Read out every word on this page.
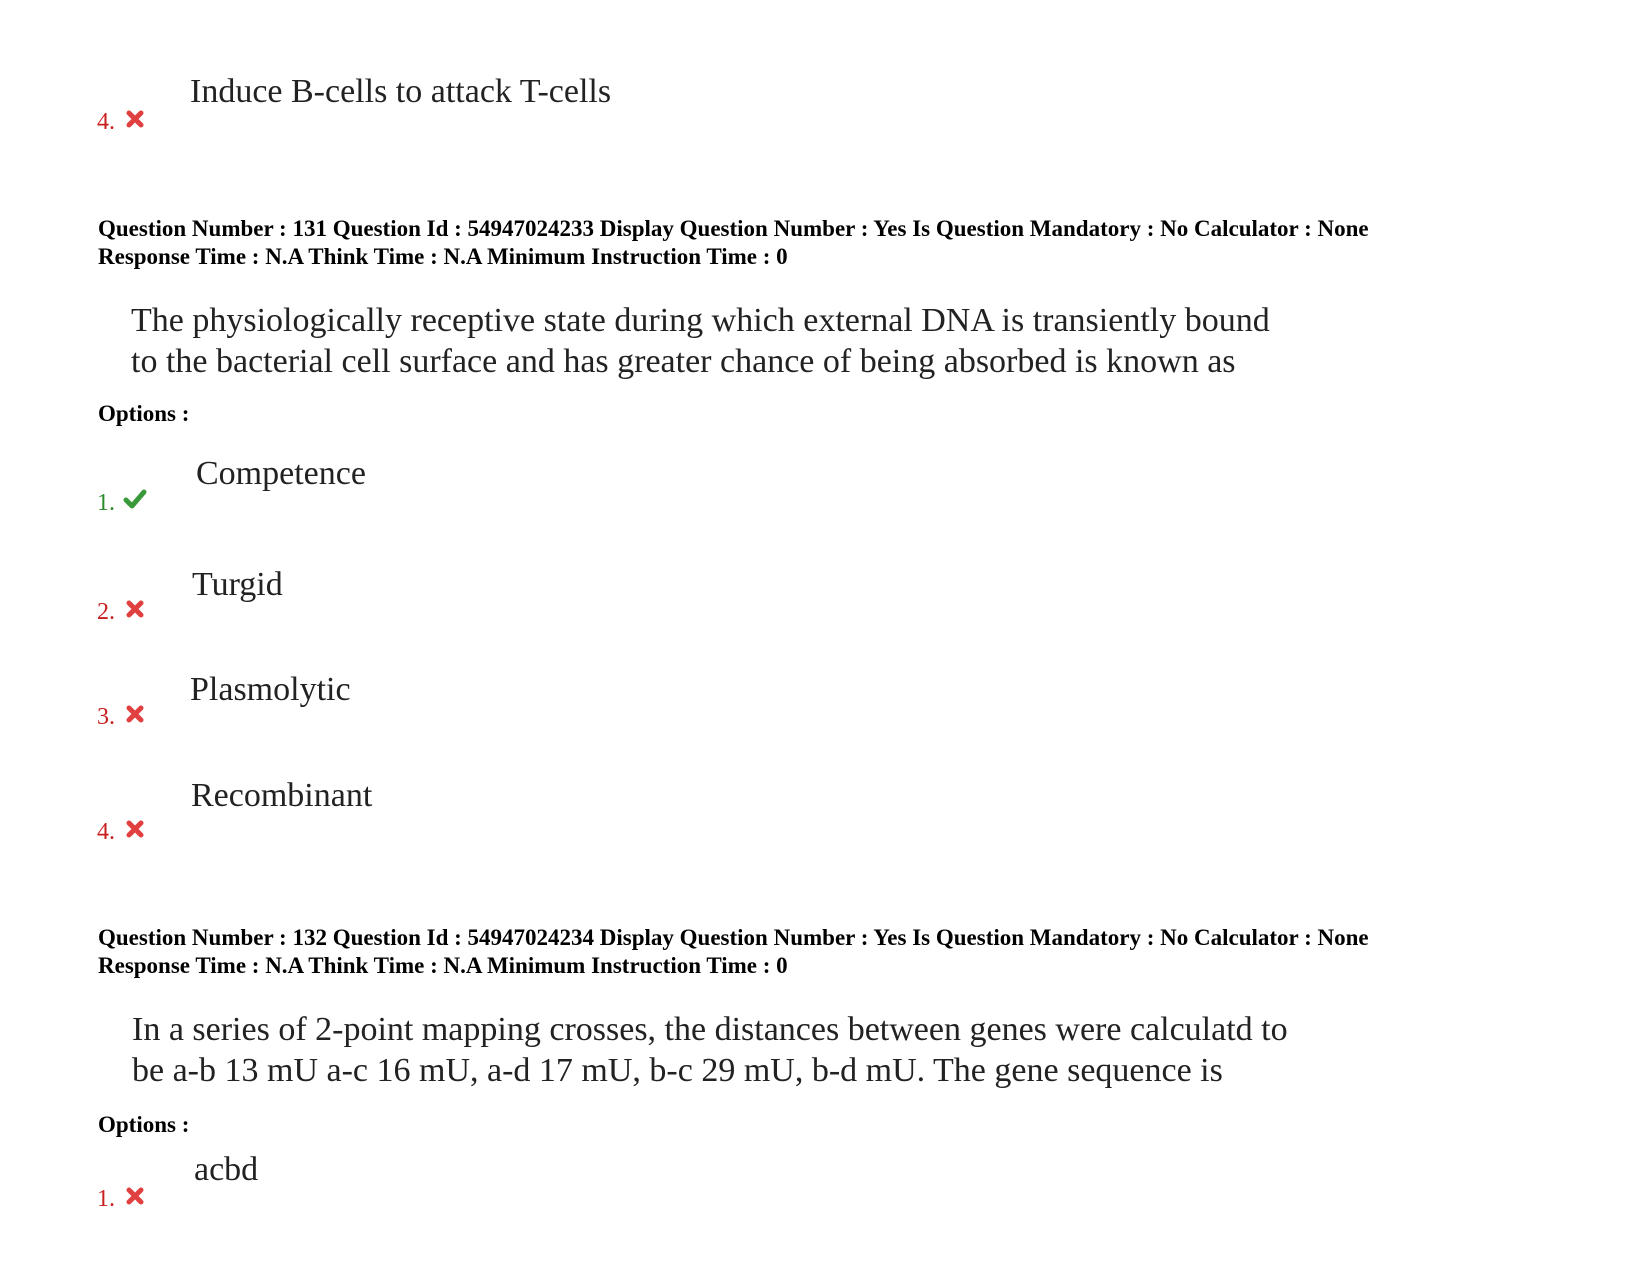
4.
Induce B-cells to attack T-cells
Question Number : 131 Question Id : 54947024233 Display Question Number : Yes Is Question Mandatory : No Calculator : None
Response Time : N.A Think Time : N.A Minimum Instruction Time : 0
The physiologically receptive state during which external DNA is transiently bound
to the bacterial cell surface and has greater chance of being absorbed is known as
Options :
1.
Competence
2.
Turgid
3.
Plasmolytic
4.
Recombinant
Question Number : 132 Question Id : 54947024234 Display Question Number : Yes Is Question Mandatory : No Calculator : None
Response Time : N.A Think Time : N.A Minimum Instruction Time : 0
In a series of 2-point mapping crosses, the distances between genes were calculatd to
be a-b 13 mU a-c 16 mU, a-d 17 mU, b-c 29 mU, b-d mU. The gene sequence is
Options :
1.
acbd
